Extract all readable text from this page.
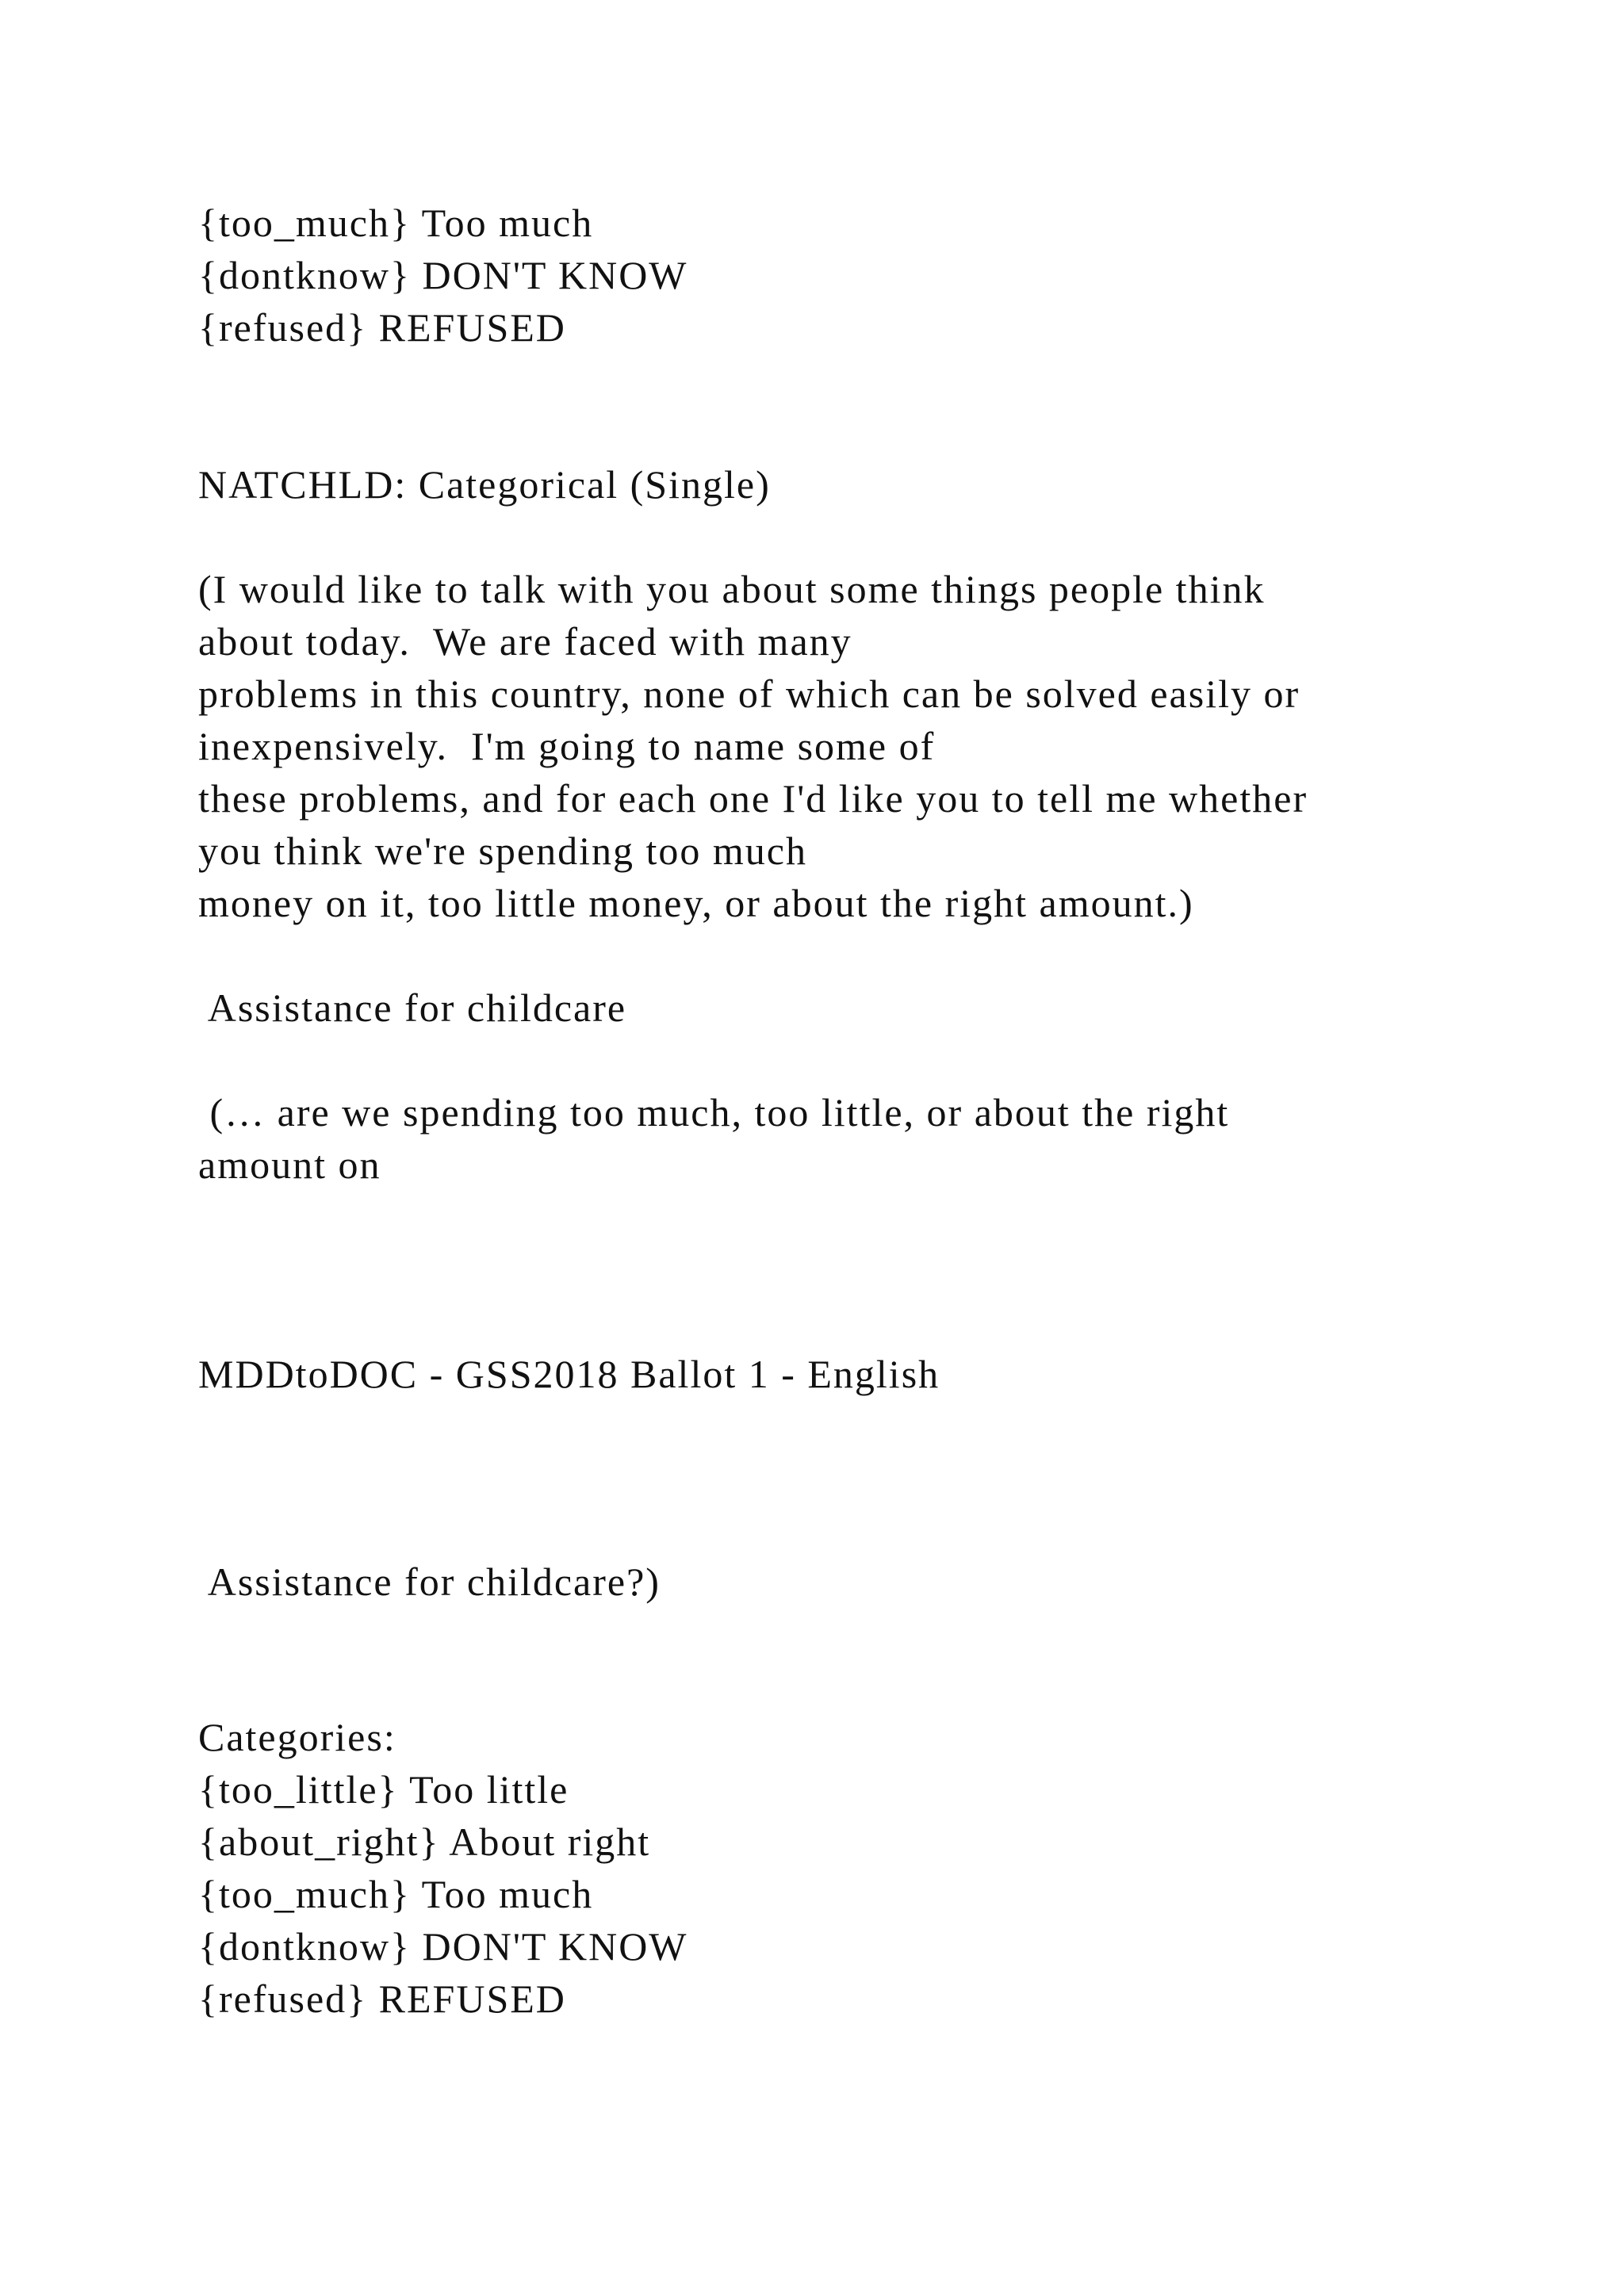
{too_much} Too much
{dontknow} DON'T KNOW
{refused} REFUSED
NATCHLD: Categorical (Single)
(I would like to talk with you about some things people think
about today.  We are faced with many
problems in this country, none of which can be solved easily or
inexpensively.  I'm going to name some of
these problems, and for each one I'd like you to tell me whether
you think we're spending too much
money on it, too little money, or about the right amount.)
Assistance for childcare
(… are we spending too much, too little, or about the right
amount on
MDDtoDOC - GSS2018 Ballot 1 - English
Assistance for childcare?)
Categories:
{too_little} Too little
{about_right} About right
{too_much} Too much
{dontknow} DON'T KNOW
{refused} REFUSED
